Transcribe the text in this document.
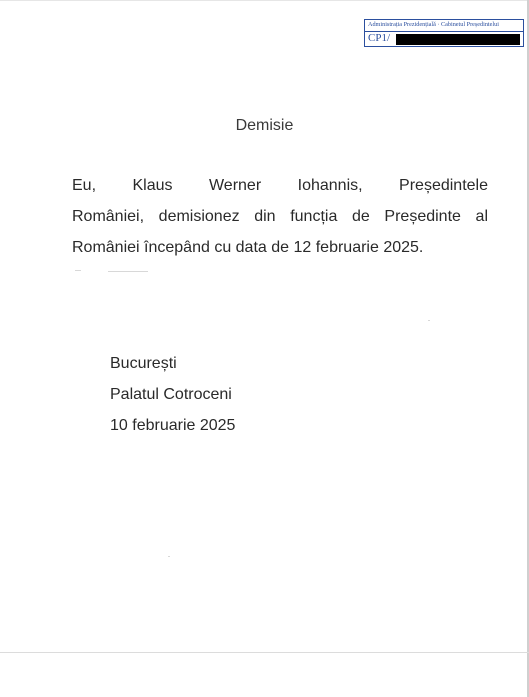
Administrația Prezidențială · Cabinetul Președintelui
CP1/
Demisie
Eu, Klaus Werner Iohannis, Președintele
României, demisionez din funcția de Președinte al
României începând cu data de 12 februarie 2025.
București
Palatul Cotroceni
10 februarie 2025
